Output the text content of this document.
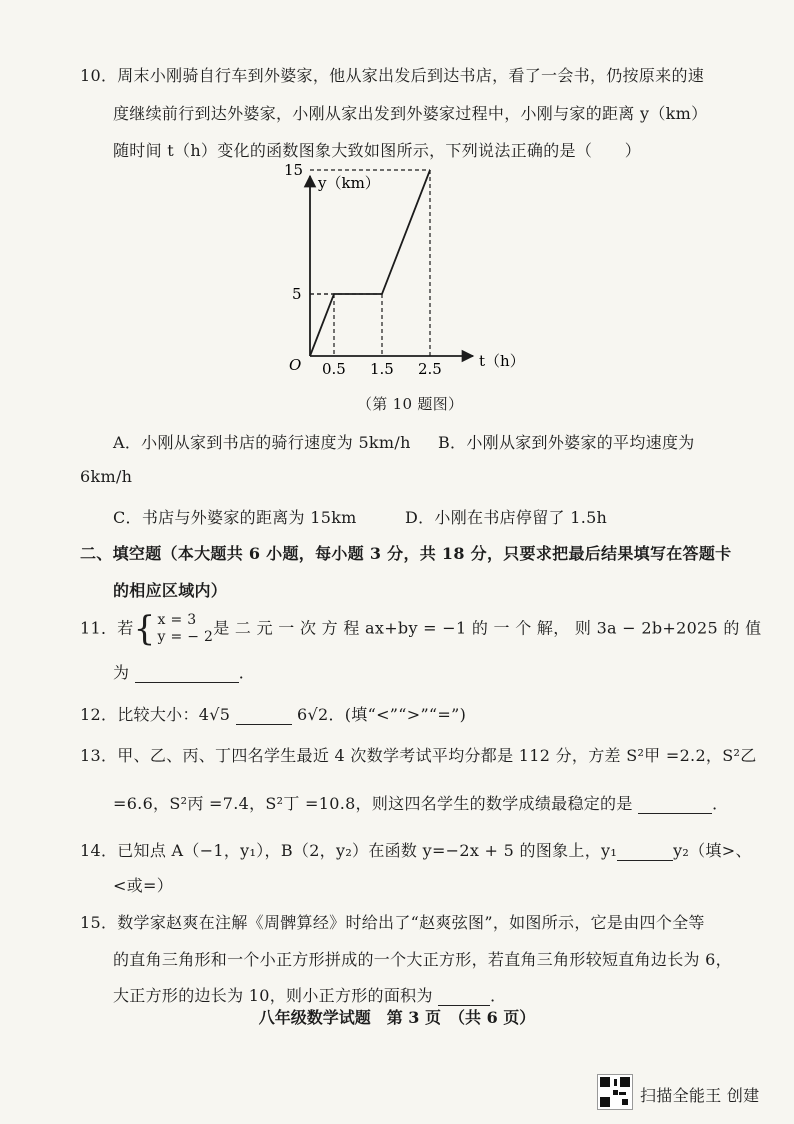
10．周末小刚骑自行车到外婆家，他从家出发后到达书店，看了一会书，仍按原来的速
度继续前行到达外婆家，小刚从家出发到外婆家过程中，小刚与家的距离 y（km）
随时间 t（h）变化的函数图象大致如图所示，下列说法正确的是（　　）
y（km）
t（h）
O
15
5
0.5 1.5 2.5
（第 10 题图）
A．小刚从家到书店的骑行速度为 5km/h B．小刚从家到外婆家的平均速度为
6km/h
C．书店与外婆家的距离为 15km	D．小刚在书店停留了 1.5h
二、填空题（本大题共 6 小题，每小题 3 分，共 18 分，只要求把最后结果填写在答题卡
的相应区域内）
11．若{ x = 3
y = − 2是 二 元 一 次 方 程 ax+by = −1 的 一 个 解， 则 3a − 2b+2025 的 值
为	．
12．比较大小：4√5	6√2．(填“<”“>”“=”)
13．甲、乙、丙、丁四名学生最近 4 次数学考试平均分都是 112 分，方差 S²甲 =2.2，S²乙
=6.6，S²丙 =7.4，S²丁 =10.8，则这四名学生的数学成绩最稳定的是	．
14．已知点 A（−1，y₁），B（2，y₂）在函数 y=−2x + 5 的图象上，y₁	y₂（填>、
<或=）
15．数学家赵爽在注解《周髀算经》时给出了“赵爽弦图”，如图所示，它是由四个全等
的直角三角形和一个小正方形拼成的一个大正方形，若直角三角形较短直角边长为 6，
大正方形的边长为 10，则小正方形的面积为	．
八年级数学试题　第 3 页　（共 6 页）
扫描全能王 创建
